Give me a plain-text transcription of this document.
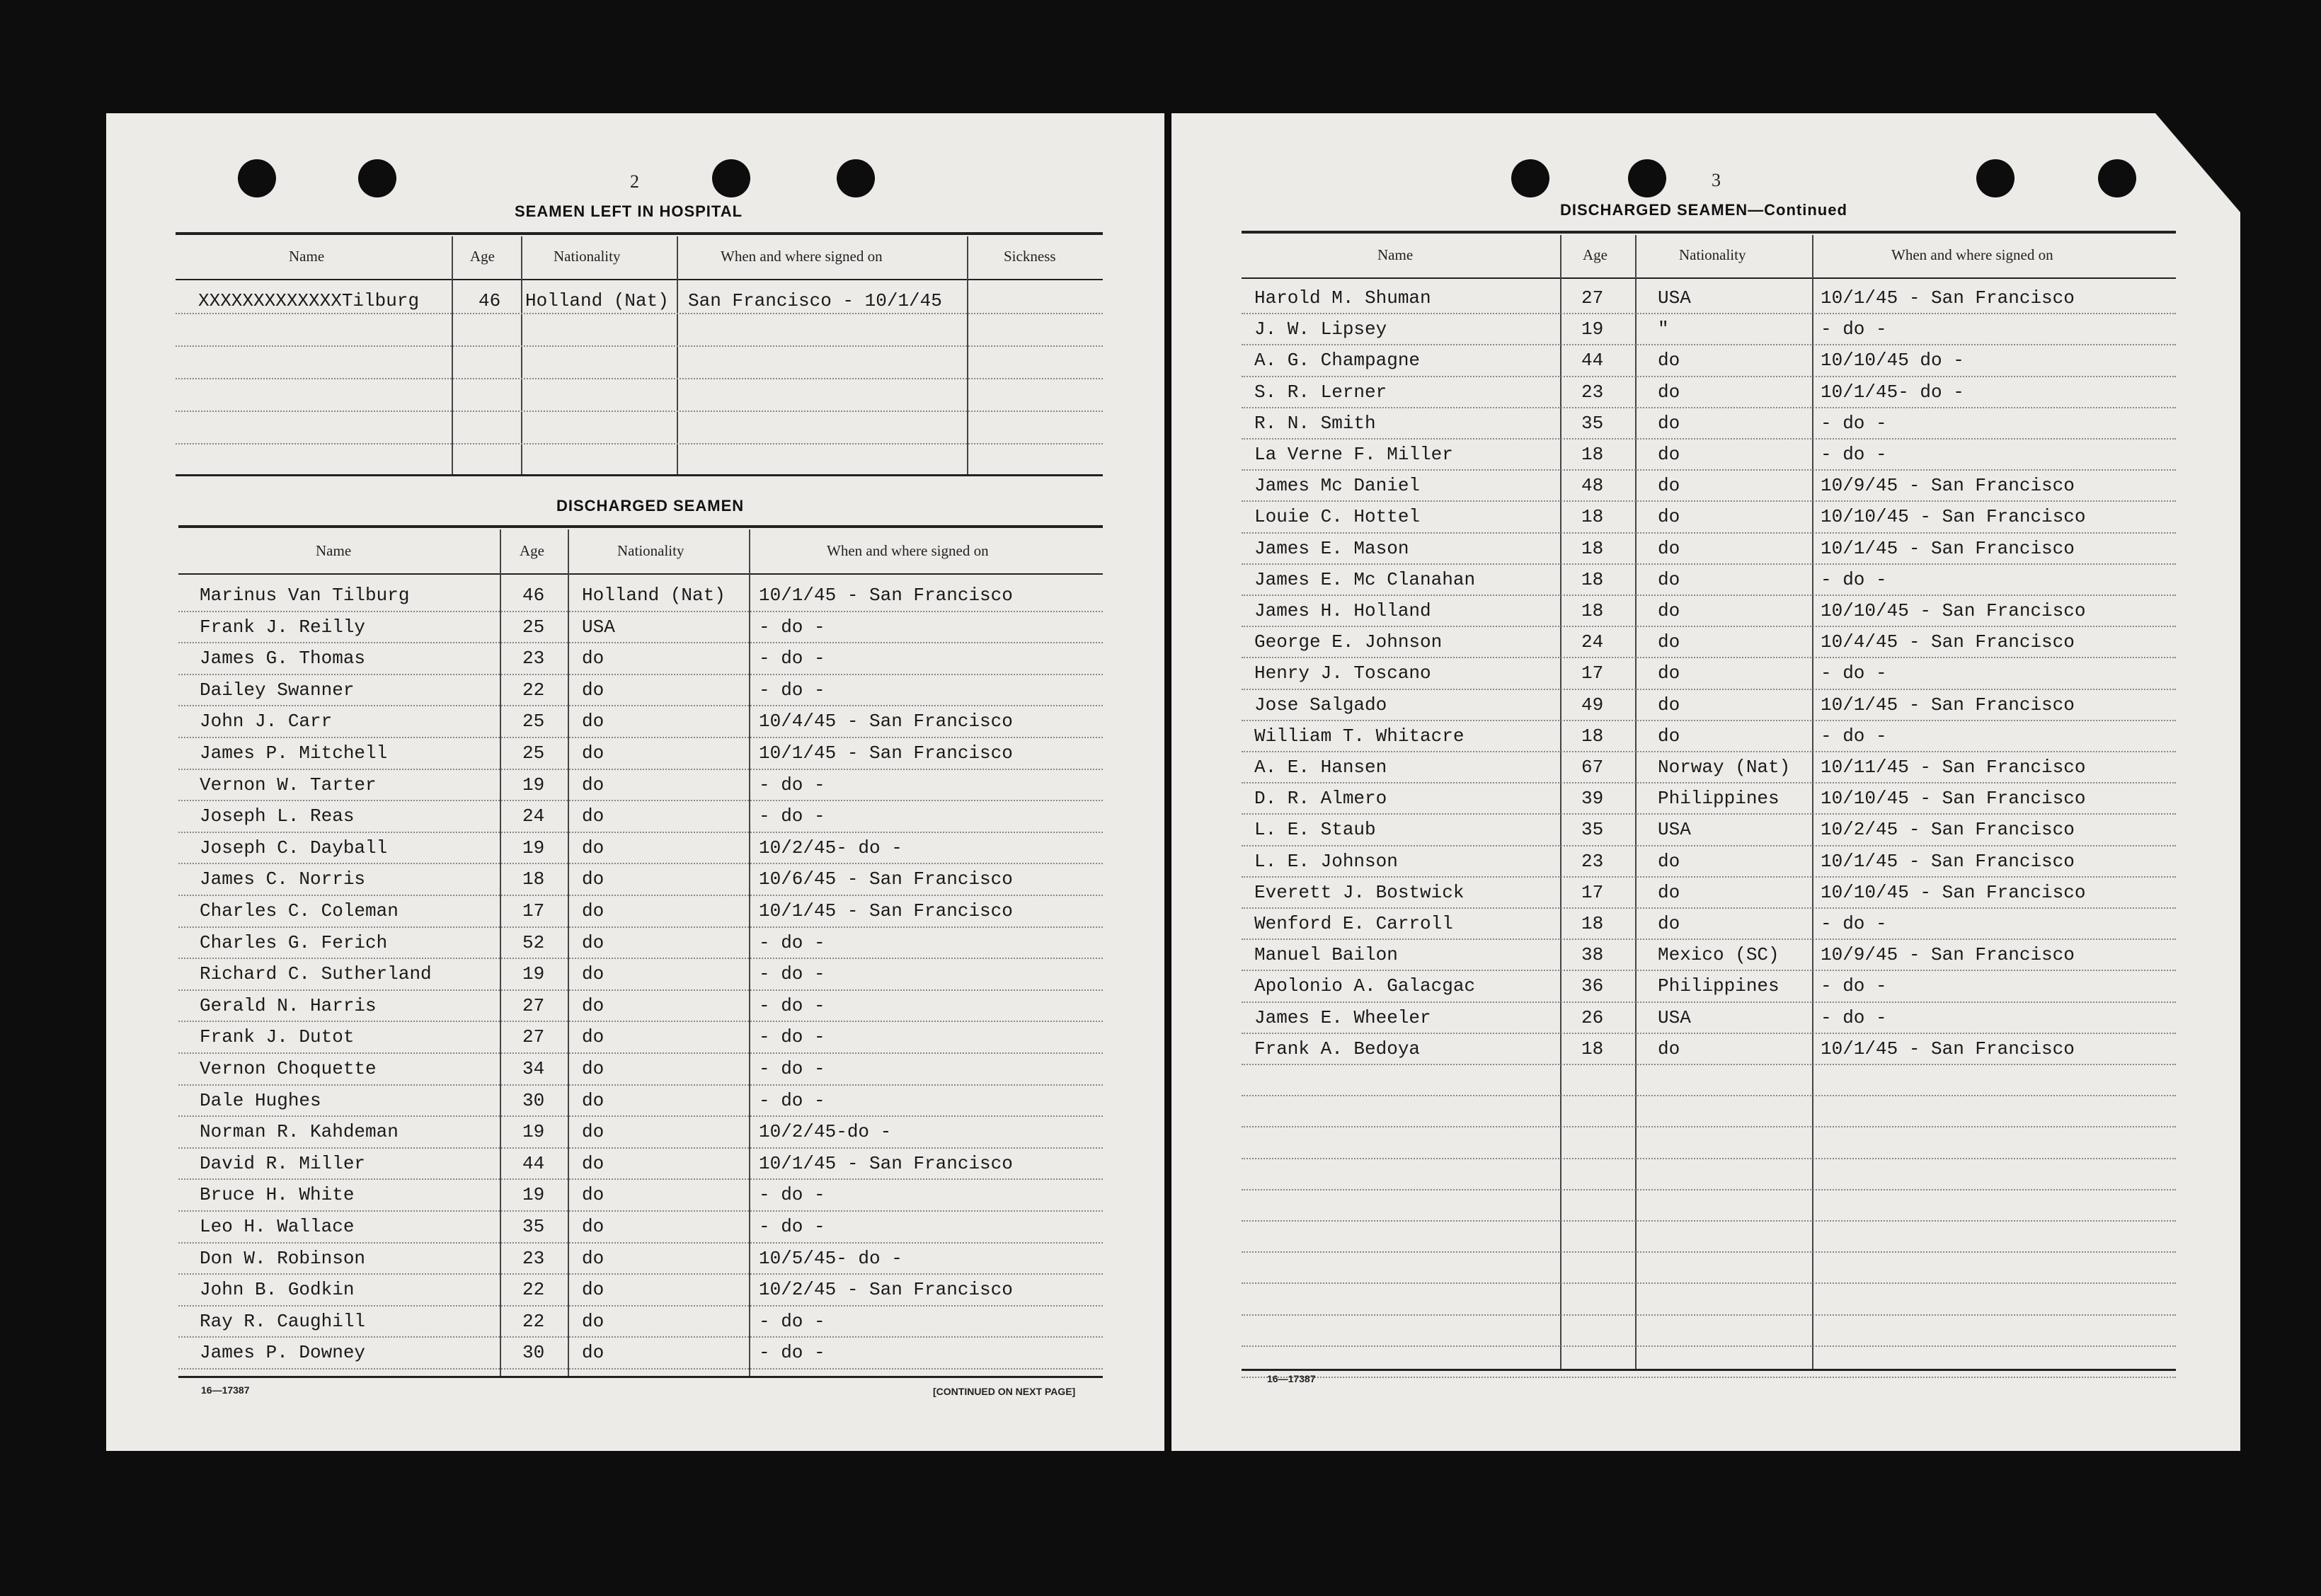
2
SEAMEN LEFT IN HOSPITAL
Name	Age	Nationality	When and where signed on	Sickness
XXXXXXXXXXXXXTilburg	46 Holland (Nat) San Francisco - 10/1/45
DISCHARGED SEAMEN
Name	Age	Nationality	When and where signed on
Marinus Van Tilburg	46 Holland (Nat) 10/1/45 - San Francisco
Frank J. Reilly	25 USA	- do -
James G. Thomas	23 do	- do -
Dailey Swanner	22 do	- do -
John J. Carr	25 do	10/4/45 - San Francisco
James P. Mitchell	25 do	10/1/45 - San Francisco
Vernon W. Tarter	19 do	- do -
Joseph L. Reas	24 do	- do -
Joseph C. Dayball	19 do	10/2/45- do -
James C. Norris	18 do	10/6/45 - San Francisco
Charles C. Coleman	17 do	10/1/45 - San Francisco
Charles G. Ferich	52 do	- do -
Richard C. Sutherland	19 do	- do -
Gerald N. Harris	27 do	- do -
Frank J. Dutot	27 do	- do -
Vernon Choquette	34 do	- do -
Dale Hughes	30 do	- do -
Norman R. Kahdeman	19 do	10/2/45-do -
David R. Miller	44 do	10/1/45 - San Francisco
Bruce H. White	19 do	- do -
Leo H. Wallace	35 do	- do -
Don W. Robinson	23 do	10/5/45- do -
John B. Godkin	22 do	10/2/45 - San Francisco
Ray R. Caughill	22 do	- do -
James P. Downey	30 do	- do -
16—17387	[CONTINUED ON NEXT PAGE]
3
DISCHARGED SEAMEN—Continued
Name	Age	Nationality	When and where signed on
Harold M. Shuman	27	USA	10/1/45 - San Francisco
J. W. Lipsey	19	"	- do -
A. G. Champagne	44	do	10/10/45 do -
S. R. Lerner	23	do	10/1/45- do -
R. N. Smith	35	do	- do -
La Verne F. Miller	18	do	- do -
James Mc Daniel	48	do	10/9/45 - San Francisco
Louie C. Hottel	18	do	10/10/45 - San Francisco
James E. Mason	18	do	10/1/45 - San Francisco
James E. Mc Clanahan	18	do	- do -
James H. Holland	18	do	10/10/45 - San Francisco
George E. Johnson	24	do	10/4/45 - San Francisco
Henry J. Toscano	17	do	- do -
Jose Salgado	49	do	10/1/45 - San Francisco
William T. Whitacre	18	do	- do -
A. E. Hansen	67	Norway (Nat) 10/11/45 - San Francisco
D. R. Almero	39	Philippines 10/10/45 - San Francisco
L. E. Staub	35	USA	10/2/45 - San Francisco
L. E. Johnson	23	do	10/1/45 - San Francisco
Everett J. Bostwick	17	do	10/10/45 - San Francisco
Wenford E. Carroll	18	do	- do -
Manuel Bailon	38	Mexico (SC) 10/9/45 - San Francisco
Apolonio A. Galacgac	36	Philippines - do -
James E. Wheeler	26	USA	- do -
Frank A. Bedoya	18	do	10/1/45 - San Francisco
16—17387
